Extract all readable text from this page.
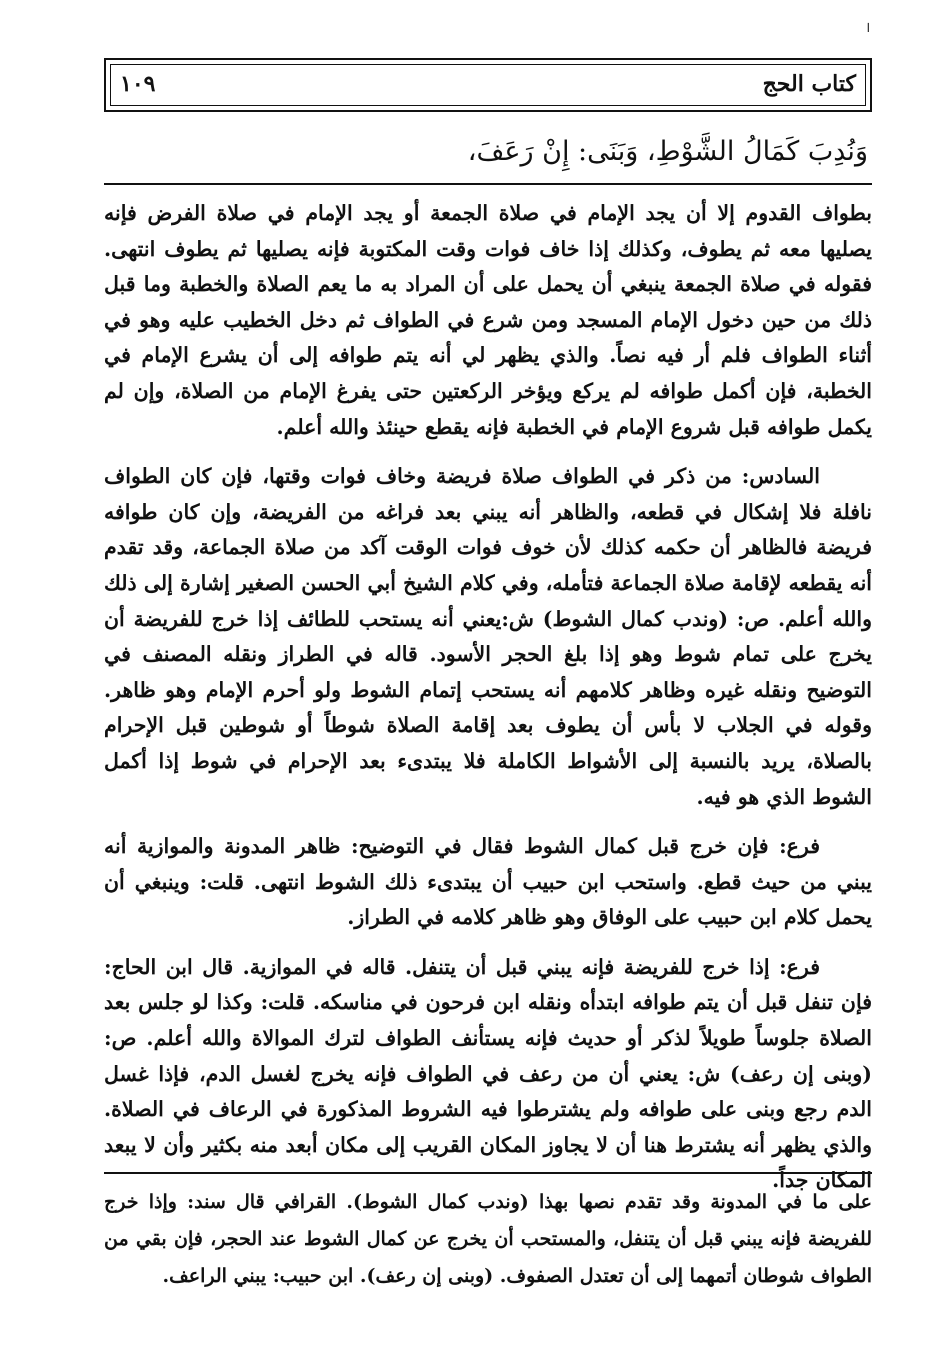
ا
كتاب الحج
١٠٩
وَنُدِبَ كَمَالُ الشَّوْطِ، وَبَنَى: إِنْ رَعَفَ،

بطواف القدوم إلا أن يجد الإمام في صلاة الجمعة أو يجد الإمام في صلاة الفرض فإنه يصليها معه ثم يطوف، وكذلك إذا خاف فوات وقت المكتوبة فإنه يصليها ثم يطوف انتهى. فقوله في صلاة الجمعة ينبغي أن يحمل على أن المراد به ما يعم الصلاة والخطبة وما قبل ذلك من حين دخول الإمام المسجد ومن شرع في الطواف ثم دخل الخطيب عليه وهو في أثناء الطواف فلم أر فيه نصاً. والذي يظهر لي أنه يتم طوافه إلى أن يشرع الإمام في الخطبة، فإن أكمل طوافه لم يركع ويؤخر الركعتين حتى يفرغ الإمام من الصلاة، وإن لم يكمل طوافه قبل شروع الإمام في الخطبة فإنه يقطع حينئذ والله أعلم.

السادس: من ذكر في الطواف صلاة فريضة وخاف فوات وقتها، فإن كان الطواف نافلة فلا إشكال في قطعه، والظاهر أنه يبني بعد فراغه من الفريضة، وإن كان طوافه فريضة فالظاهر أن حكمه كذلك لأن خوف فوات الوقت آكد من صلاة الجماعة، وقد تقدم أنه يقطعه لإقامة صلاة الجماعة فتأمله، وفي كلام الشيخ أبي الحسن الصغير إشارة إلى ذلك والله أعلم. ص: (وندب كمال الشوط) ش:يعني أنه يستحب للطائف إذا خرج للفريضة أن يخرج على تمام شوط وهو إذا بلغ الحجر الأسود. قاله في الطراز ونقله المصنف في التوضيح ونقله غيره وظاهر كلامهم أنه يستحب إتمام الشوط ولو أحرم الإمام وهو ظاهر. وقوله في الجلاب لا بأس أن يطوف بعد إقامة الصلاة شوطاً أو شوطين قبل الإحرام بالصلاة، يريد بالنسبة إلى الأشواط الكاملة فلا يبتدىء بعد الإحرام في شوط إذا أكمل الشوط الذي هو فيه.

فرع: فإن خرج قبل كمال الشوط فقال في التوضيح: ظاهر المدونة والموازية أنه يبني من حيث قطع. واستحب ابن حبيب أن يبتدىء ذلك الشوط انتهى. قلت: وينبغي أن يحمل كلام ابن حبيب على الوفاق وهو ظاهر كلامه في الطراز.

فرع: إذا خرج للفريضة فإنه يبني قبل أن يتنفل. قاله في الموازية. قال ابن الحاج: فإن تنفل قبل أن يتم طوافه ابتدأه ونقله ابن فرحون في مناسكه. قلت: وكذا لو جلس بعد الصلاة جلوساً طويلاً لذكر أو حديث فإنه يستأنف الطواف لترك الموالاة والله أعلم. ص: (وبنى إن رعف) ش: يعني أن من رعف في الطواف فإنه يخرج لغسل الدم، فإذا غسل الدم رجع وبنى على طوافه ولم يشترطوا فيه الشروط المذكورة في الرعاف في الصلاة. والذي يظهر أنه يشترط هنا أن لا يجاوز المكان القريب إلى مكان أبعد منه بكثير وأن لا يبعد المكان جداً.

على ما في المدونة وقد تقدم نصها بهذا (وندب كمال الشوط). القرافي قال سند: وإذا خرج للفريضة فإنه يبني قبل أن يتنفل، والمستحب أن يخرج عن كمال الشوط عند الحجر، فإن بقي من الطواف شوطان أتمهما إلى أن تعتدل الصفوف. (وبنى إن رعف). ابن حبيب: يبني الراعف.
